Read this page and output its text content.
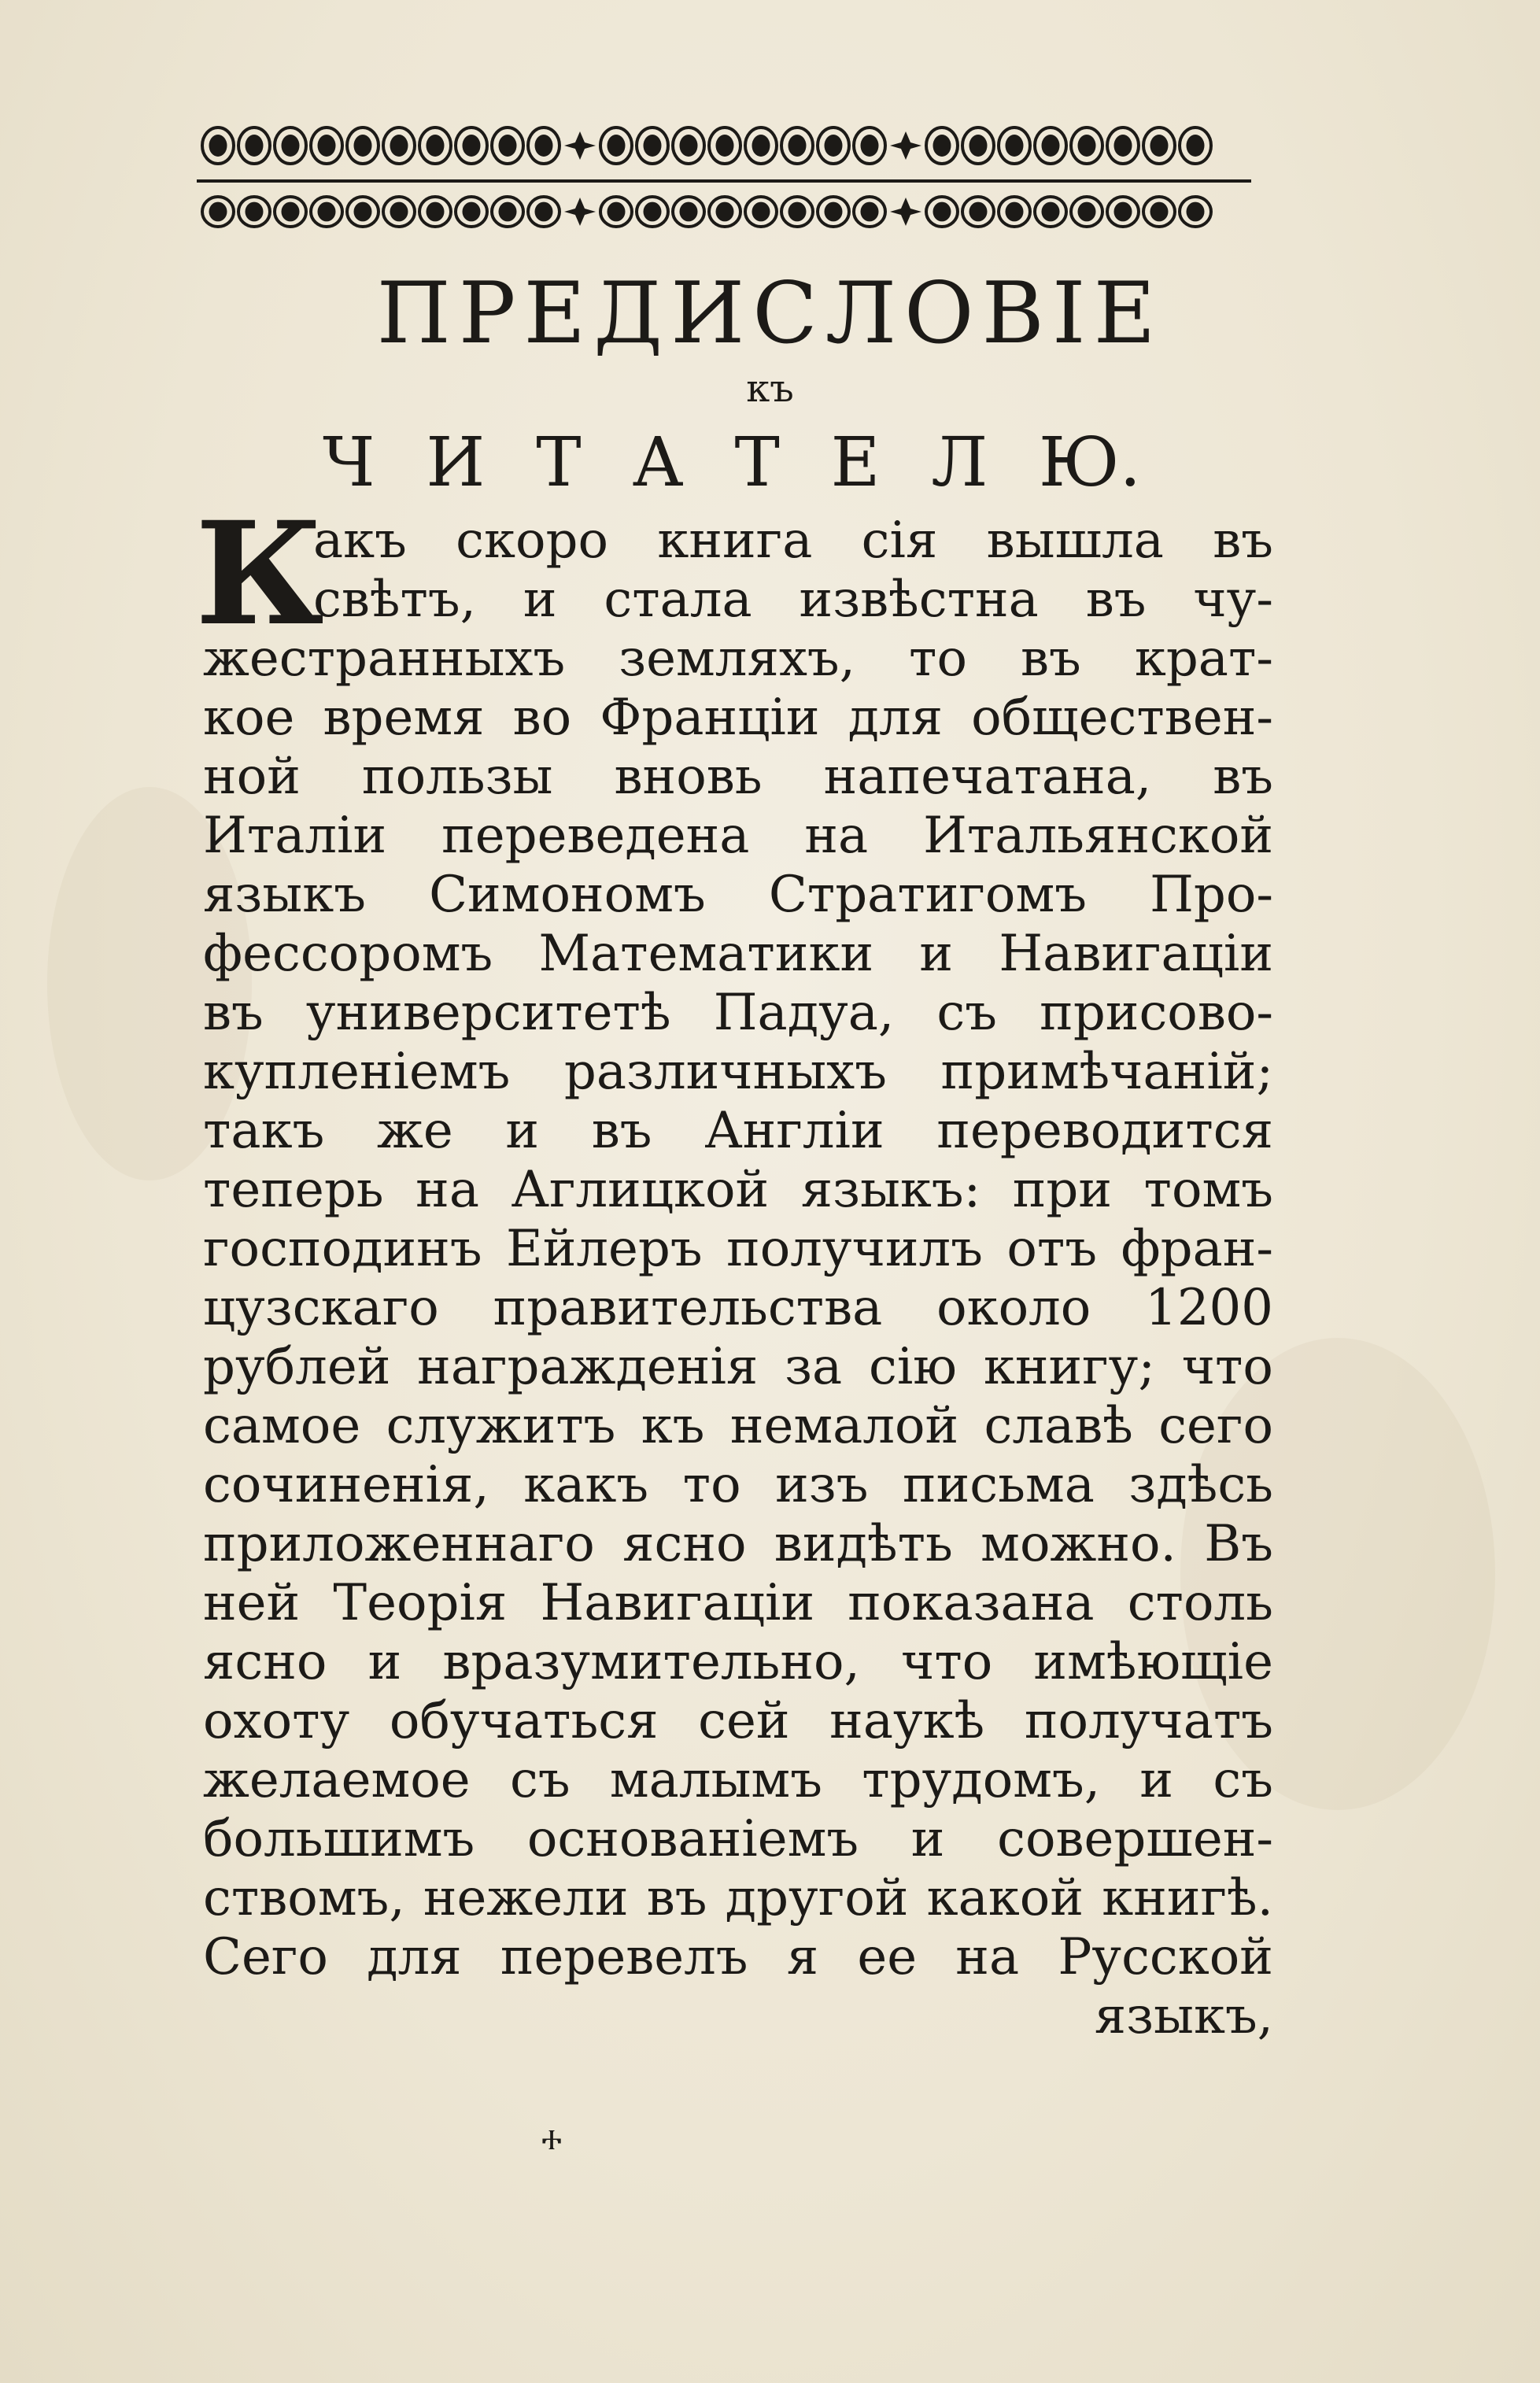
ПРЕДИСЛОВІЕ
къ
Ч И Т А Т Е Л Ю.
К
акъ скоро книга сія вышла въ
свѣтъ, и стала извѣстна въ чу-
жестранныхъ земляхъ, то въ крат-
кое время во Франціи для обществен-
ной пользы вновь напечатана, въ
Италіи переведена на Итальянской
языкъ Симономъ Стратигомъ Про-
фессоромъ Математики и Навигаціи
въ университетѣ Падуа, съ присово-
купленіемъ различныхъ примѣчаній;
такъ же и въ Англіи переводится
теперь на Аглицкой языкъ: при томъ
господинъ Ейлеръ получилъ отъ фран-
цузскаго правительства около 1200
рублей награжденія за сію книгу; что
самое служитъ къ немалой славѣ сего
сочиненія, какъ то изъ письма здѣсь
приложеннаго ясно видѣть можно. Въ
ней Теорія Навигаціи показана столь
ясно и вразумительно, что имѣющіе
охоту обучаться сей наукѣ получатъ
желаемое съ малымъ трудомъ, и съ
большимъ основаніемъ и совершен-
ствомъ, нежели въ другой какой книгѣ.
Сего для перевелъ я ее на Русской
языкъ,
ⰰ
